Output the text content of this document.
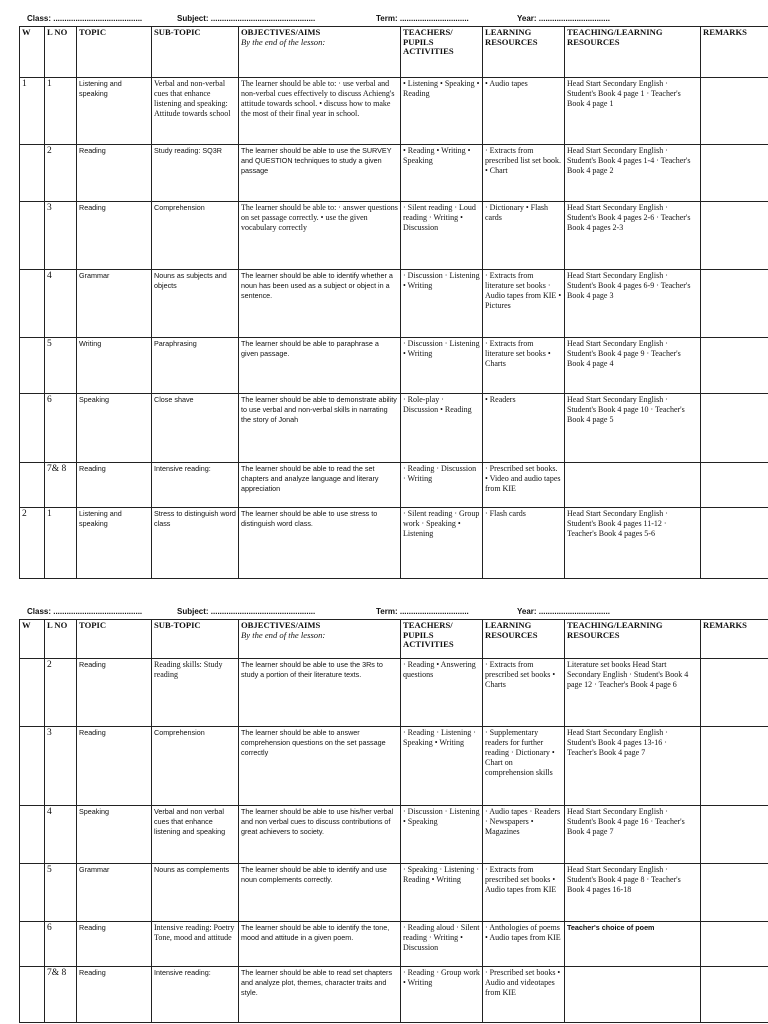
Class: ........................................	Subject: ...............................................	Term: ...............................	Year: ................................
W	L NO	TOPIC	SUB-TOPIC	OBJECTIVES/AIMS
By the end of the lesson:	TEACHERS/ PUPILS ACTIVITIES	LEARNING RESOURCES	TEACHING/LEARNING RESOURCES	REMARKS
1	1	Listening and speaking	Verbal and non-verbal cues that enhance listening and speaking: Attitude towards school	The learner should be able to: · use verbal and non-verbal cues effectively to discuss Achieng's attitude towards school. • discuss how to make the most of their final year in school.	• Listening • Speaking • Reading	• Audio tapes	Head Start Secondary English · Student's Book 4 page 1 · Teacher's Book 4 page 1	
	2	Reading	Study reading: SQ3R	The learner should be able to use the SURVEY and QUESTION techniques to study a given passage	• Reading • Writing • Speaking	· Extracts from prescribed list set book. • Chart	Head Start Secondary English · Student's Book 4 pages 1-4 · Teacher's Book 4 page 2	
	3	Reading	Comprehension	The learner should be able to: · answer questions on set passage correctly. • use the given vocabulary correctly	· Silent reading · Loud reading · Writing • Discussion	· Dictionary • Flash cards	Head Start Secondary English · Student's Book 4 pages 2-6 · Teacher's Book 4 pages 2-3	
	4	Grammar	Nouns as subjects and objects	The learner should be able to identify whether a noun has been used as a subject or object in a sentence.	· Discussion · Listening • Writing	· Extracts from literature set books · Audio tapes from KIE • Pictures	Head Start Secondary English · Student's Book 4 pages 6-9 · Teacher's Book 4 page 3	
	5	Writing	Paraphrasing	The learner should be able to paraphrase a given passage.	· Discussion · Listening • Writing	· Extracts from literature set books • Charts	Head Start Secondary English · Student's Book 4 page 9 · Teacher's Book 4 page 4	
	6	Speaking	Close shave	The learner should be able to demonstrate ability to use verbal and non-verbal skills in narrating the story of Jonah	· Role-play · Discussion • Reading	• Readers	Head Start Secondary English · Student's Book 4 page 10 · Teacher's Book 4 page 5	
	7& 8	Reading	Intensive reading:	The learner should be able to read the set chapters and analyze language and literary appreciation	· Reading · Discussion · Writing	· Prescribed set books. • Video and audio tapes from KIE		
2	1	Listening and speaking	Stress to distinguish word class	The learner should be able to use stress to distinguish word class.	· Silent reading · Group work · Speaking • Listening	· Flash cards	Head Start Secondary English · Student's Book 4 pages 11-12 · Teacher's Book 4 pages 5-6	
Class: ........................................	Subject: ...............................................	Term: ...............................	Year: ................................
W	L NO	TOPIC	SUB-TOPIC	OBJECTIVES/AIMS
By the end of the lesson:	TEACHERS/ PUPILS ACTIVITIES	LEARNING RESOURCES	TEACHING/LEARNING RESOURCES	REMARKS
	2	Reading	Reading skills: Study reading	The learner should be able to use the 3Rs to study a portion of their literature texts.	· Reading • Answering questions	· Extracts from prescribed set books • Charts	Literature set books Head Start Secondary English · Student's Book 4 page 12 · Teacher's Book 4 page 6	
	3	Reading	Comprehension	The learner should be able to answer comprehension questions on the set passage correctly	· Reading · Listening · Speaking • Writing	· Supplementary readers for further reading · Dictionary • Chart on comprehension skills	Head Start Secondary English · Student's Book 4 pages 13-16 · Teacher's Book 4 page 7	
	4	Speaking	Verbal and non verbal cues that enhance listening and speaking	The learner should be able to use his/her verbal and non verbal cues to discuss contributions of great achievers to society.	· Discussion · Listening • Speaking	· Audio tapes · Readers · Newspapers • Magazines	Head Start Secondary English · Student's Book 4 page 16 · Teacher's Book 4 page 7	
	5	Grammar	Nouns as complements	The learner should be able to identify and use noun complements correctly.	· Speaking · Listening · Reading • Writing	· Extracts from prescribed set books • Audio tapes from KIE	Head Start Secondary English · Student's Book 4 page 8 · Teacher's Book 4 pages 16-18	
	6	Reading	Intensive reading: Poetry Tone, mood and attitude	The learner should be able to identify the tone, mood and attitude in a given poem.	· Reading aloud · Silent reading · Writing • Discussion	· Anthologies of poems • Audio tapes from KIE	Teacher's choice of poem	
	7& 8	Reading	Intensive reading:	The learner should be able to read set chapters and analyze plot, themes, character traits and style.	· Reading · Group work • Writing	· Prescribed set books • Audio and videotapes from KIE		
